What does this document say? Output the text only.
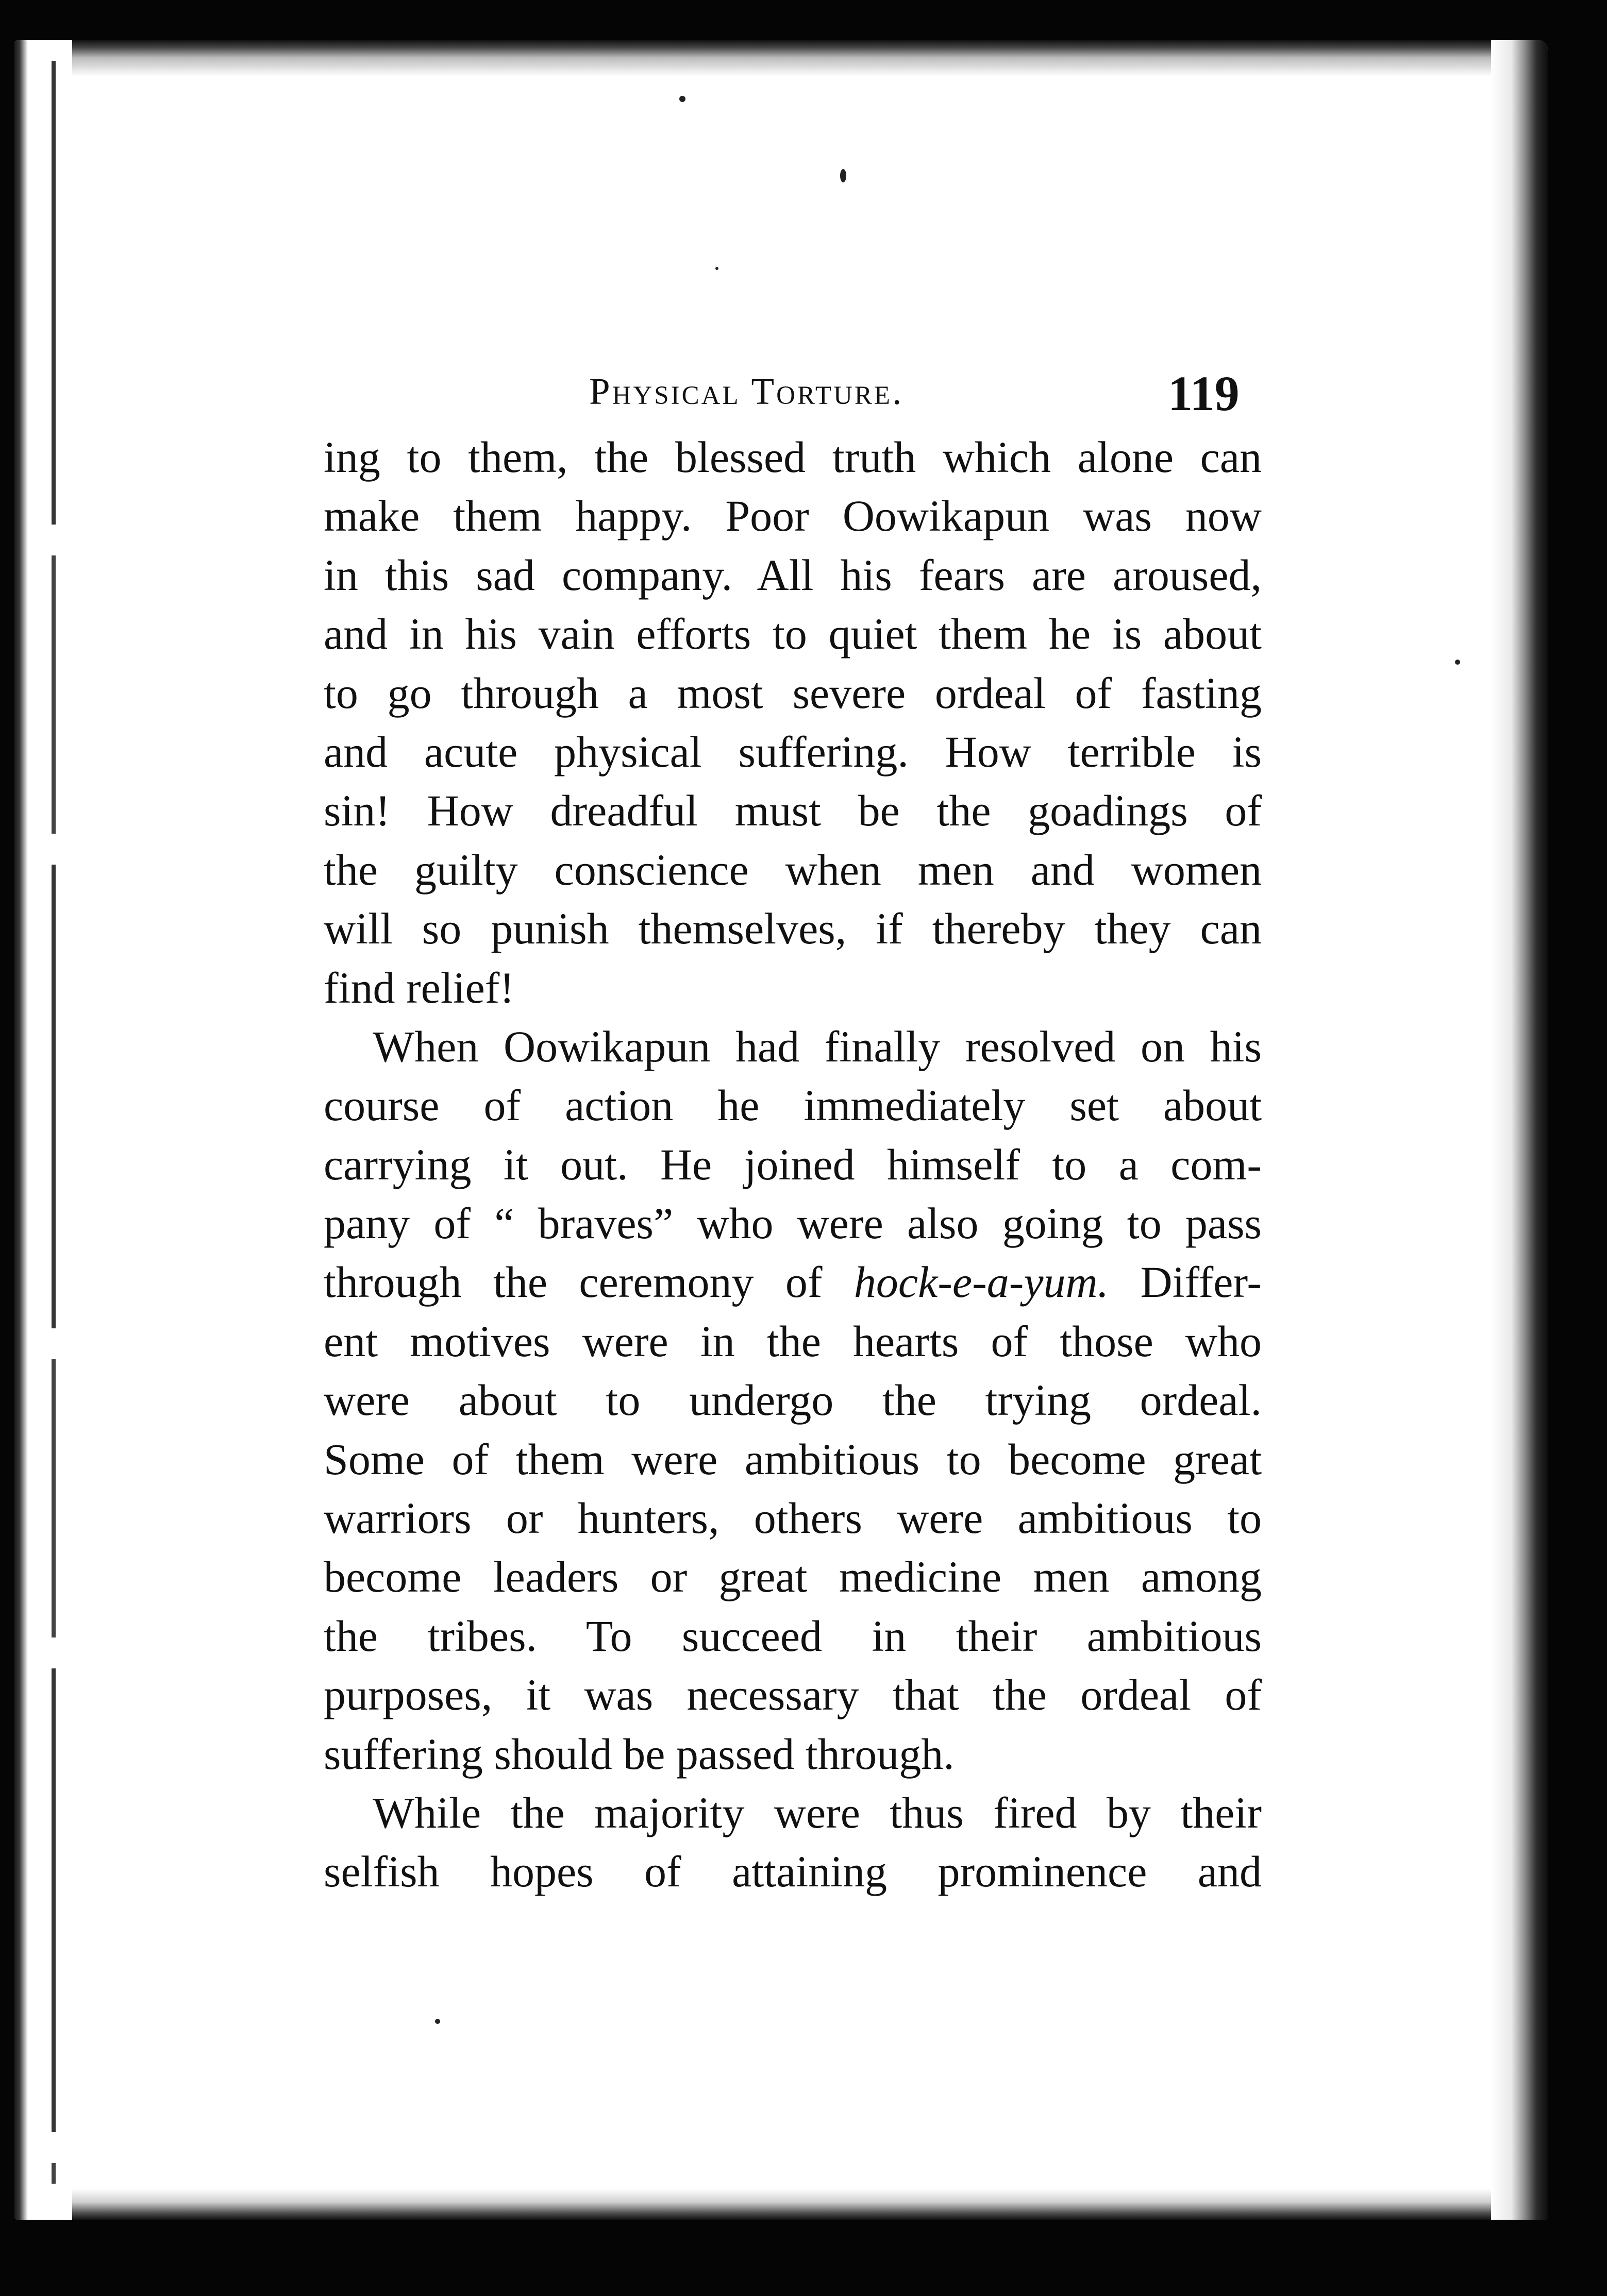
Physical Torture.	119
ing to them, the blessed truth which alone can
make them happy. Poor Oowikapun was now
in this sad company. All his fears are aroused,
and in his vain efforts to quiet them he is about
to go through a most severe ordeal of fasting
and acute physical suffering. How terrible is
sin! How dreadful must be the goadings of
the guilty conscience when men and women
will so punish themselves, if thereby they can
find relief!
When Oowikapun had finally resolved on his
course of action he immediately set about
carrying it out. He joined himself to a com-
pany of “ braves” who were also going to pass
through the ceremony of hock-e-a-yum. Differ-
ent motives were in the hearts of those who
were about to undergo the trying ordeal.
Some of them were ambitious to become great
warriors or hunters, others were ambitious to
become leaders or great medicine men among
the tribes. To succeed in their ambitious
purposes, it was necessary that the ordeal of
suffering should be passed through.
While the majority were thus fired by their
selfish hopes of attaining prominence and
